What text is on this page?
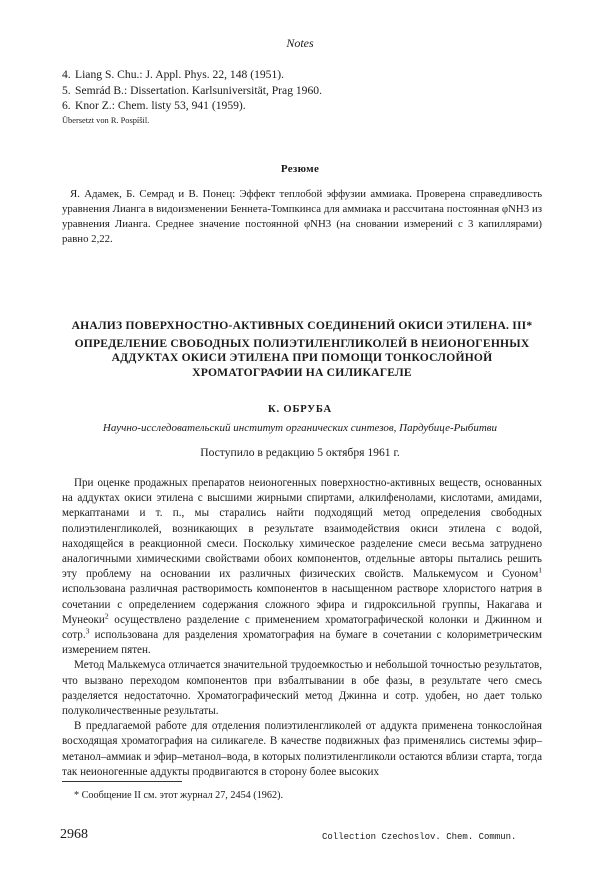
Notes
4. Liang S. Chu.: J. Appl. Phys. 22, 148 (1951).
5. Semrád B.: Dissertation. Karlsuniversität, Prag 1960.
6. Knor Z.: Chem. listy 53, 941 (1959).
Übersetzt von R. Pospíšil.
Резюме

Я. Адамек, Б. Семрад и В. Понец: Эффект теплобой эффузии аммиака. Проверена справедливость уравнения Лианга в видоизменении Беннета-Томпкинса для аммиака и рассчитана постоянная φNH3 из уравнения Лианга. Среднее значение постоянной φNH3 (на сновании измерений с 3 капиллярами) равно 2,22.

АНАЛИЗ ПОВЕРХНОСТНО-АКТИВНЫХ СОЕДИНЕНИЙ ОКИСИ ЭТИЛЕНА. III*
ОПРЕДЕЛЕНИЕ СВОБОДНЫХ ПОЛИЭТИЛЕНГЛИКОЛЕЙ В НЕИОНОГЕННЫХ
АДДУКТАХ ОКИСИ ЭТИЛЕНА ПРИ ПОМОЩИ ТОНКОСЛОЙНОЙ
ХРОМАТОГРАФИИ НА СИЛИКАГЕЛЕ
К. ОБРУБА
Научно-исследовательский институт органических синтезов, Пардубице-Рыбитви
Поступило в редакцию 5 октября 1961 г.

При оценке продажных препаратов неионогенных поверхностно-активных веществ, основанных на аддуктах окиси этилена с высшими жирными спиртами, алкилфенолами, кислотами, амидами, меркаптанами и т. п., мы старались найти подходящий метод определения свободных полиэтиленгликолей, возникающих в результате взаимодействия окиси этилена с водой, находящейся в реакционной смеси. Поскольку химическое разделение смеси весьма затруднено аналогичными химическими свойствами обоих компонентов, отдельные авторы пытались решить эту проблему на основании их различных физических свойств. Малькемусом и Суоном$^1$ использована различная растворимость компонентов в насыщенном растворе хлористого натрия в сочетании с определением содержания сложного эфира и гидроксильной группы, Накагава и Мунеоки$^2$ осуществлено разделение с применением хроматографической колонки и Джинном и сотр.$^3$ использована для разделения хроматография на бумаге в сочетании с колориметрическим измерением пятен.

Метод Малькемуса отличается значительной трудоемкостью и небольшой точностью результатов, что вызвано переходом компонентов при взбалтывании в обе фазы, в результате чего смесь разделяется недостаточно. Хроматографический метод Джинна и сотр. удобен, но дает только полуколичественные результаты.

В предлагаемой работе для отделения полиэтиленгликолей от аддукта применена тонкослойная восходящая хроматография на силикагеле. В качестве подвижных фаз применялись системы эфир–метанол–аммиак и эфир–метанол–вода, в которых полиэтиленгликоли остаются вблизи старта, тогда так неионогенные аддукты продвигаются в сторону более высоких

* Сообщение II см. этот журнал 27, 2454 (1962).
2968	Collection Czechoslov. Chem. Commun.
